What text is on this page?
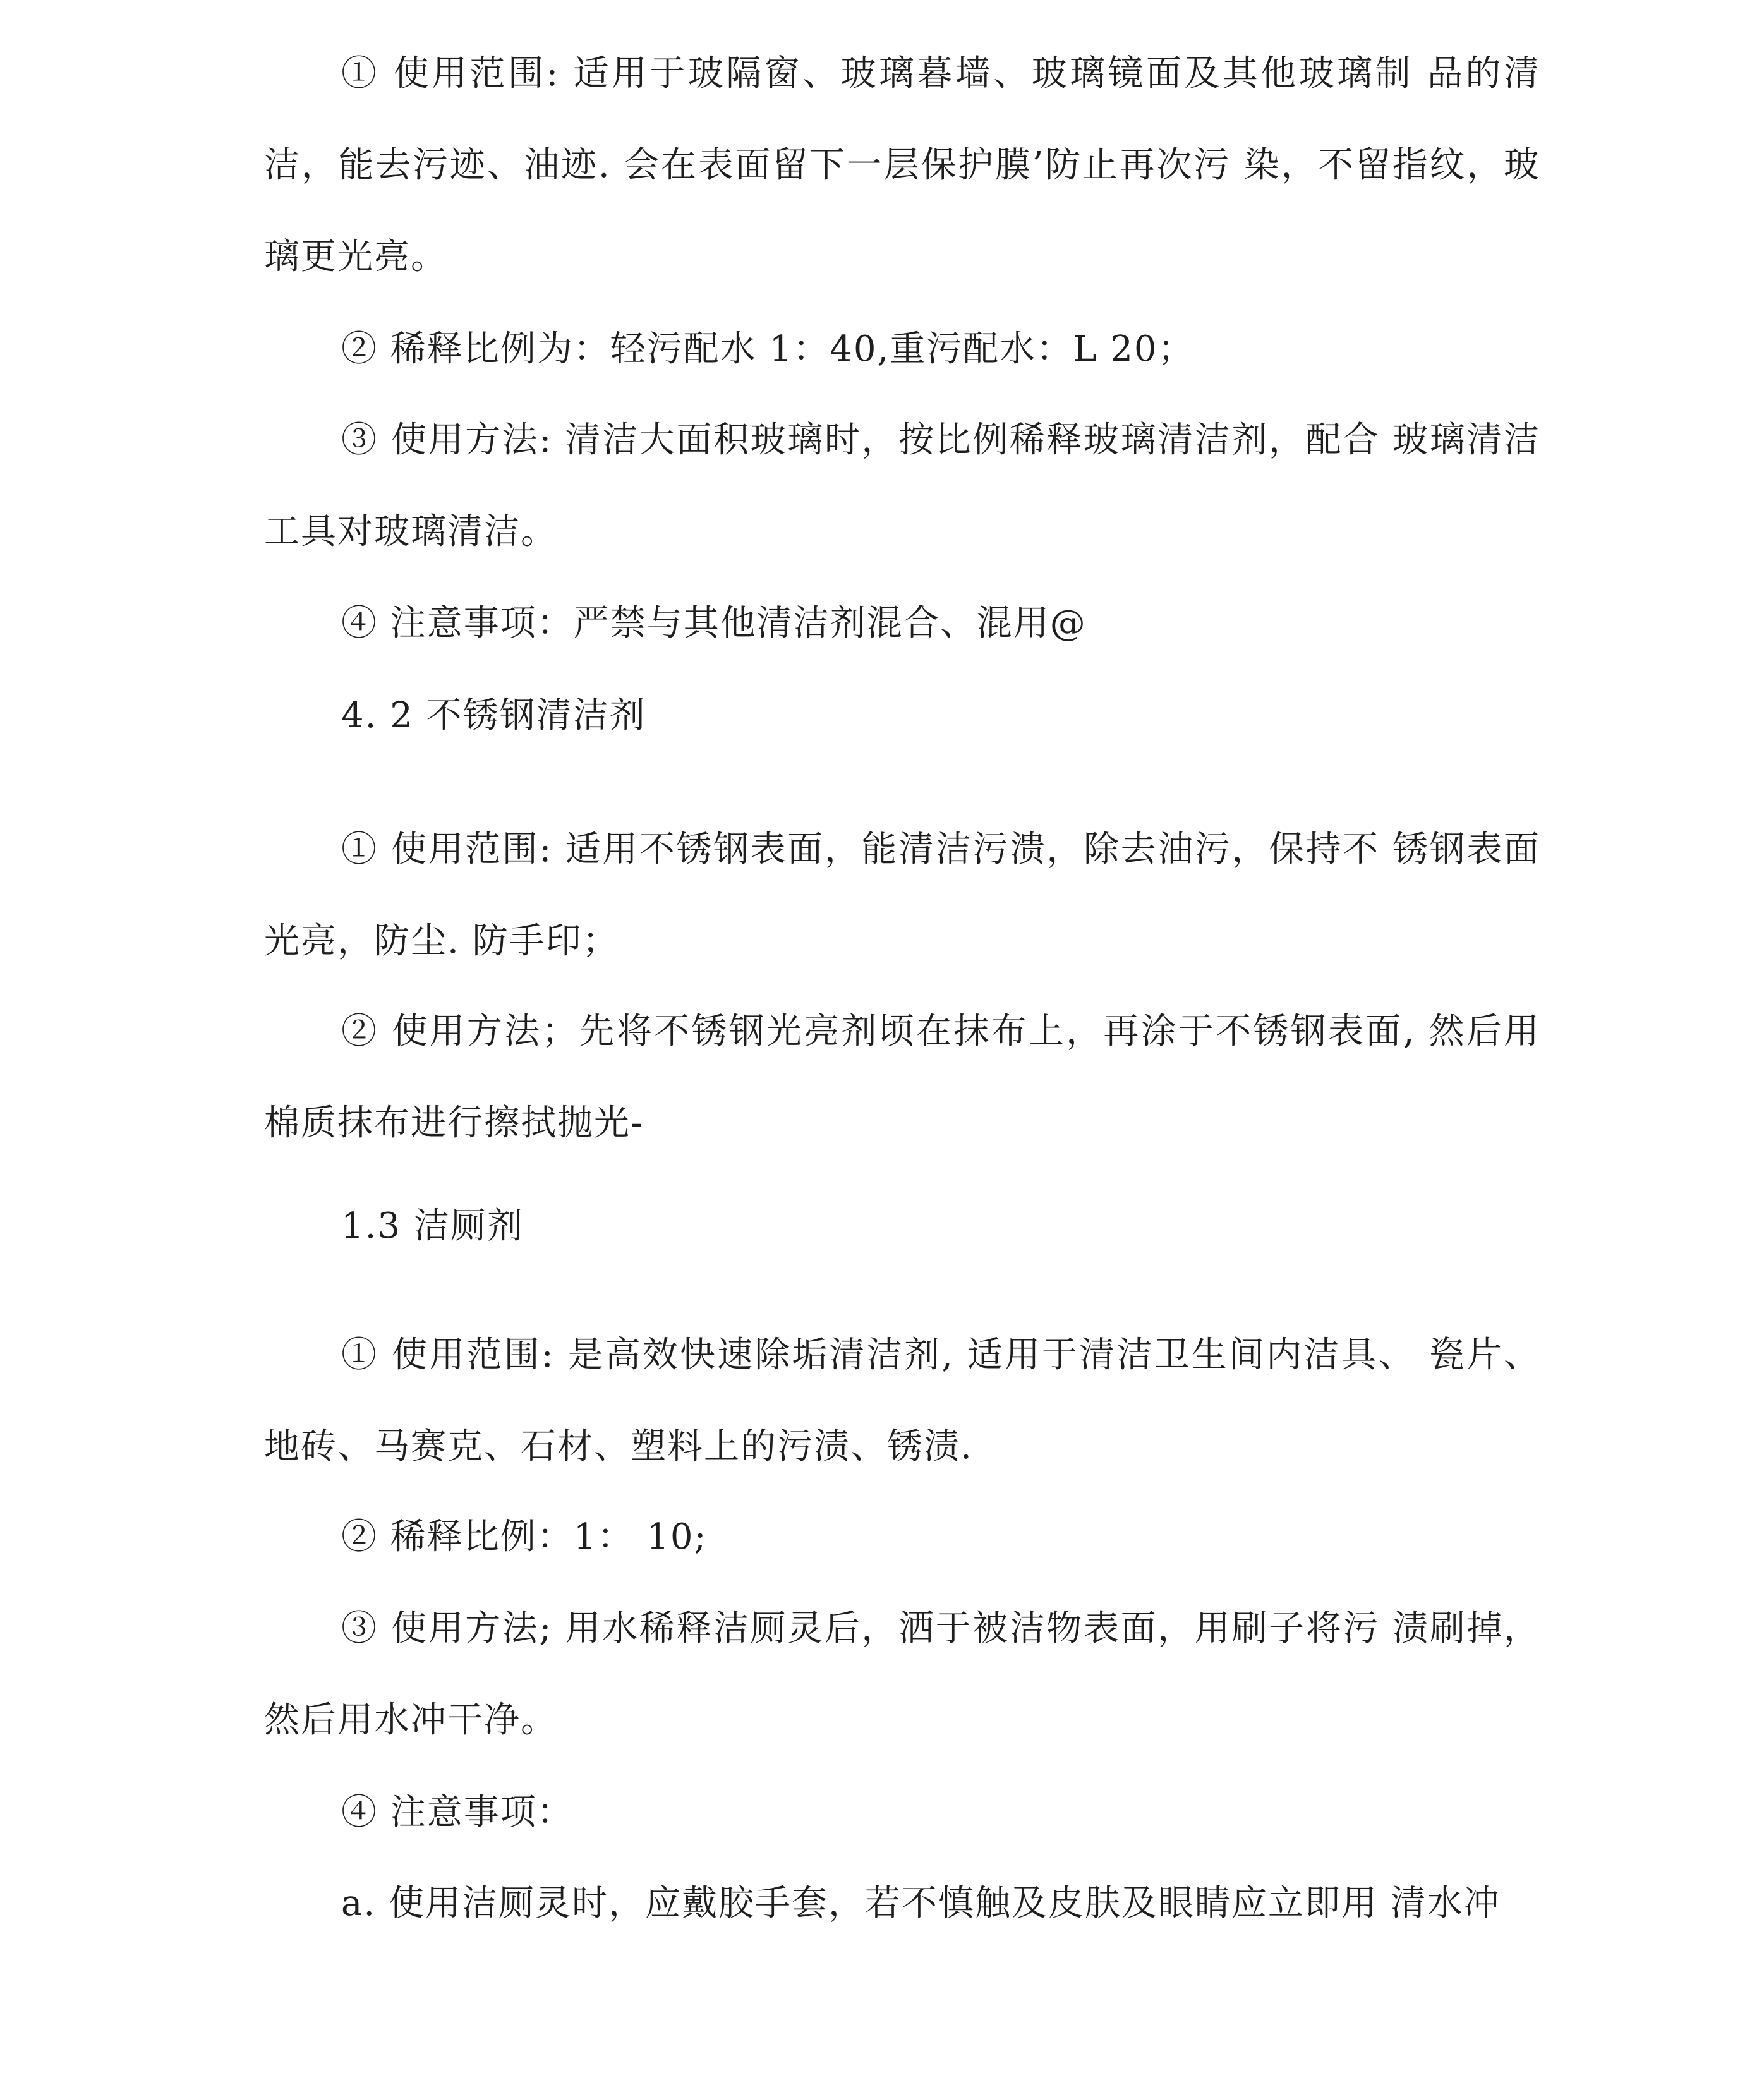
① 使用范围: 适用于玻隔窗、玻璃暮墙、玻璃镜面及其他玻璃制 品的清洁，能去污迹、油迹. 会在表面留下一层保护膜’防止再次污 染，不留指纹，玻璃更光亮。

② 稀释比例为：轻污配水 1：40,重污配水：L 20；

③ 使用方法: 清洁大面积玻璃时，按比例稀释玻璃清洁剂，配合 玻璃清洁工具对玻璃清洁。

④ 注意事项：严禁与其他清洁剂混合、混用@

4. 2 不锈钢清洁剂

① 使用范围: 适用不锈钢表面，能清洁污溃，除去油污，保持不 锈钢表面光亮，防尘. 防手印；

② 使用方法；先将不锈钢光亮剂顷在抹布上，再涂于不锈钢表面, 然后用棉质抹布进行擦拭抛光-

1.3 洁厕剂

① 使用范围: 是高效快速除垢清洁剂, 适用于清洁卫生间内洁具、 瓷片、地砖、马赛克、石材、塑料上的污渍、锈渍.

② 稀释比例：1： 10;

③ 使用方法; 用水稀释洁厕灵后，洒于被洁物表面，用刷子将污 渍刷掉，然后用水冲干净。

④ 注意事项：

a. 使用洁厕灵时，应戴胶手套，若不慎触及皮肤及眼睛应立即用 清水冲
